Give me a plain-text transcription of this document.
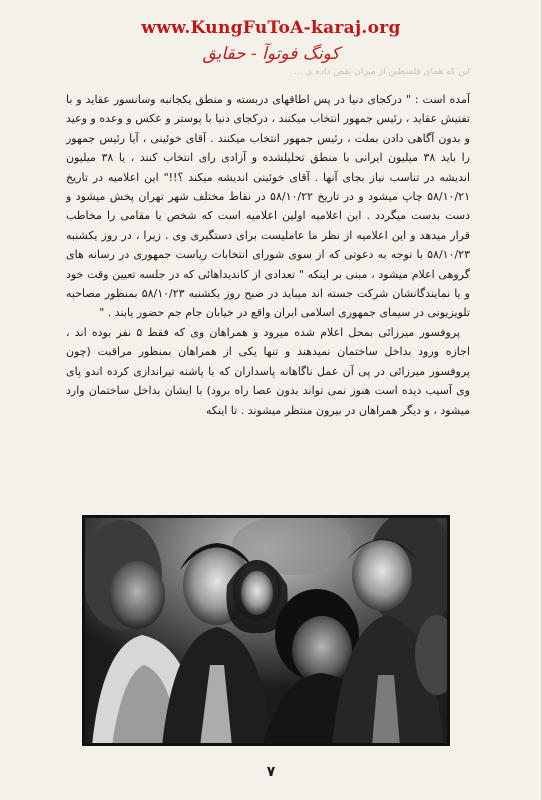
www.KungFuToA-karaj.org
کونگ فوتوآ - حقایق
این که همای فلسطین از میزان نقص داده ی ...

آمده است : " درکجای دنیا در پس اطاقهای دربسته و منطق یکجانبه وسانسور عقاید و با تفتیش عقاید ، رئیس جمهور انتخاب میکنند ، درکجای دنیا با پوستر و عکس و وعده و وعید و بدون آگاهی دادن بملت ، رئیس جمهور انتخاب میکنند . آقای خوئینی ، آیا رئیس جمهور را باید ۳۸ میلیون ایرانی با منطق تحلیلشده و آزادی رای انتخاب کنند ، یا ۳۸ میلیون اندیشه در تناسب نیاز بجای آنها . آقای خوئینی اندیشه میکند ؟!!" این اعلامیه در تاریخ ۵۸/۱۰/۲۱ چاپ میشود و در تاریخ ۵۸/۱۰/۲۲ در نقاط مختلف شهر تهران پخش میشود و دست بدست میگردد . این اعلامیه اولین اعلامیه است که شخص یا مقامی را مخاطب قرار میدهد و این اعلامیه از نظر ما عاملیست برای دستگیری وی . زیرا ، در روز یکشنبه ۵۸/۱۰/۲۳ با توجه به دعوتی که از سوی شورای انتخابات ریاست جمهوری در رسانه های گروهی اعلام میشود ، مبنی بر اینکه " تعدادی از کاندیداهائی که در جلسه تعیین وقت خود و یا نمایندگانشان شرکت جسته اند میباید در صبح روز یکشنبه ۵۸/۱۰/۲۳ بمنظور مصاحبه تلویزیونی در سیمای جمهوری اسلامی ایران واقع در خیابان جام جم حضور یابند . "

پروفسور میرزائی بمحل اعلام شده میرود و همراهان وی که فقط ۵ نفر بوده اند ، اجازه ورود بداخل ساختمان نمیدهند و تنها یکی از همراهان بمنظور مراقبت (چون پروفسور میرزائی در پی آن عمل ناگاهانه پاسداران که با پاشنه تیراندازی کرده اندو پای وی آسیب دیده است هنوز نمی تواند بدون عصا راه برود) با ایشان بداخل ساختمان وارد میشود ، و دیگر همراهان در بیرون منتظر میشوند . تا اینکه

۷
